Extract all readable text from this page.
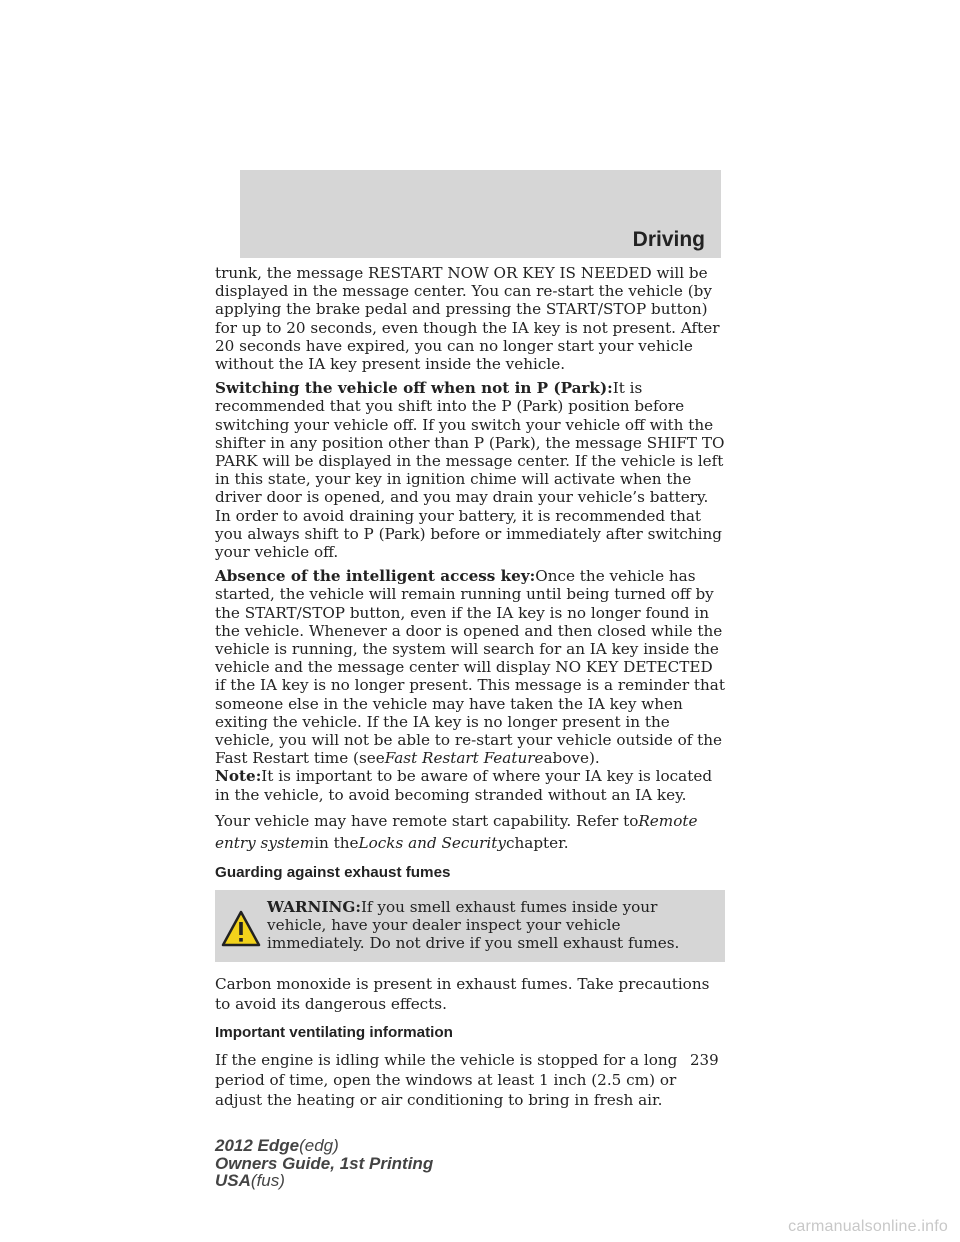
Driving

trunk, the message RESTART NOW OR KEY IS NEEDED will be displayed in the message center. You can re-start the vehicle (by applying the brake pedal and pressing the START/STOP button) for up to 20 seconds, even though the IA key is not present. After 20 seconds have expired, you can no longer start your vehicle without the IA key present inside the vehicle.

Switching the vehicle off when not in P (Park):It is recommended that you shift into the P (Park) position before switching your vehicle off. If you switch your vehicle off with the shifter in any position other than P (Park), the message SHIFT TO PARK will be displayed in the message center. If the vehicle is left in this state, your key in ignition chime will activate when the driver door is opened, and you may drain your vehicle’s battery. In order to avoid draining your battery, it is recommended that you always shift to P (Park) before or immediately after switching your vehicle off.

Absence of the intelligent access key:Once the vehicle has started, the vehicle will remain running until being turned off by the START/STOP button, even if the IA key is no longer found in the vehicle. Whenever a door is opened and then closed while the vehicle is running, the system will search for an IA key inside the vehicle and the message center will display NO KEY DETECTED if the IA key is no longer present. This message is a reminder that someone else in the vehicle may have taken the IA key when exiting the vehicle. If the IA key is no longer present in the vehicle, you will not be able to re-start your vehicle outside of the Fast Restart time (seeFast Restart Featureabove).

Note:It is important to be aware of where your IA key is located in the vehicle, to avoid becoming stranded without an IA key.

Your vehicle may have remote start capability. Refer toRemote entry systemin theLocks and Securitychapter.

Guarding against exhaust fumes

WARNING:If you smell exhaust fumes inside your vehicle, have your dealer inspect your vehicle immediately. Do not drive if you smell exhaust fumes.

Carbon monoxide is present in exhaust fumes. Take precautions to avoid its dangerous effects.

Important ventilating information

If the engine is idling while the vehicle is stopped for a long period of time, open the windows at least 1 inch (2.5 cm) or adjust the heating or air conditioning to bring in fresh air.

239
2012 Edge(edg)
Owners Guide, 1st Printing
USA(fus)
carmanualsonline.info
